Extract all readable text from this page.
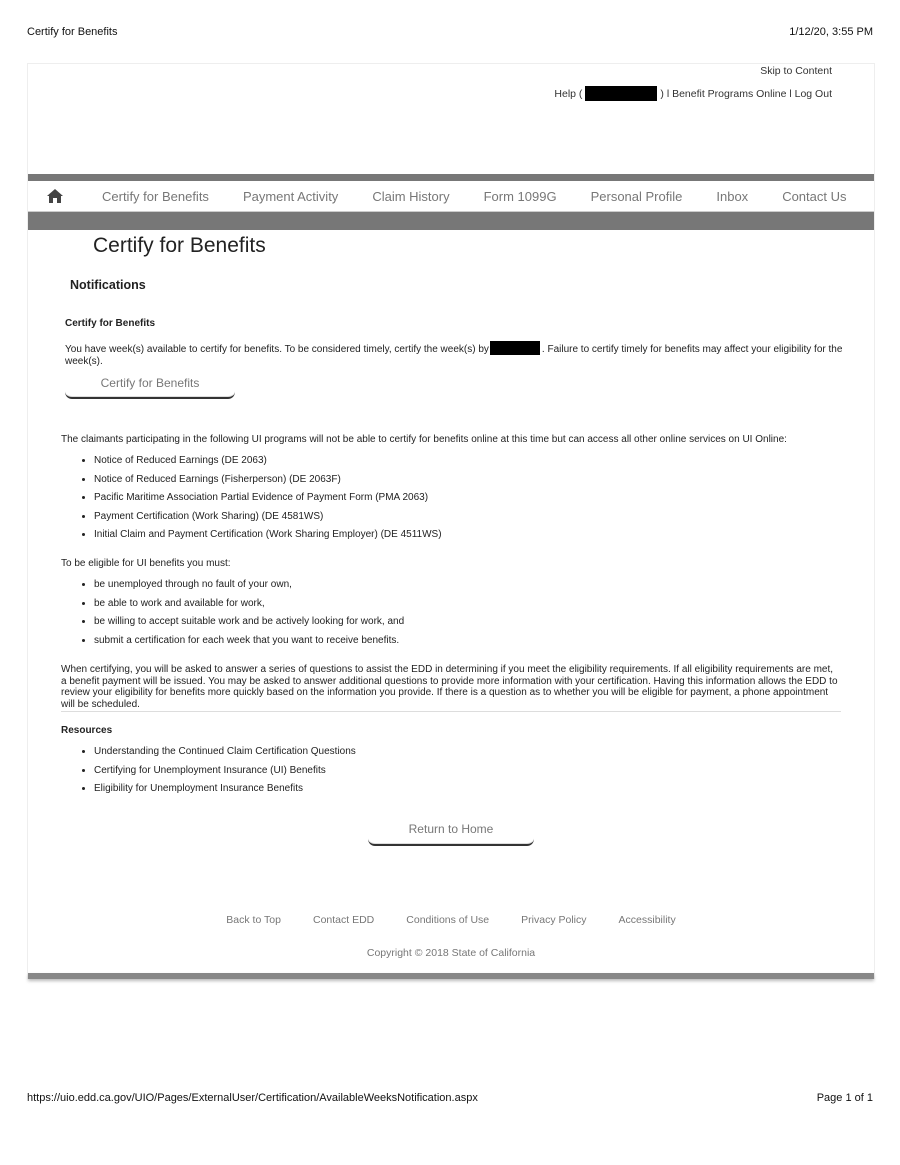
Certify for Benefits	1/12/20, 3:55 PM
Skip to Content
Help (	) l Benefit Programs Online l Log Out
Certify for Benefits	Payment Activity	Claim History	Form 1099G	Personal Profile	Inbox	Contact Us
Certify for Benefits
Notifications
Certify for Benefits
You have week(s) available to certify for benefits. To be considered timely, certify the week(s) by	. Failure to certify timely for benefits may affect your eligibility for the week(s).
Certify for Benefits
The claimants participating in the following UI programs will not be able to certify for benefits online at this time but can access all other online services on UI Online:
• Notice of Reduced Earnings (DE 2063)
• Notice of Reduced Earnings (Fisherperson) (DE 2063F)
• Pacific Maritime Association Partial Evidence of Payment Form (PMA 2063)
• Payment Certification (Work Sharing) (DE 4581WS)
• Initial Claim and Payment Certification (Work Sharing Employer) (DE 4511WS)
To be eligible for UI benefits you must:
• be unemployed through no fault of your own,
• be able to work and available for work,
• be willing to accept suitable work and be actively looking for work, and
• submit a certification for each week that you want to receive benefits.
When certifying, you will be asked to answer a series of questions to assist the EDD in determining if you meet the eligibility requirements. If all eligibility requirements are met, a benefit payment will be issued. You may be asked to answer additional questions to provide more information with your certification. Having this information allows the EDD to review your eligibility for benefits more quickly based on the information you provide. If there is a question as to whether you will be eligible for payment, a phone appointment will be scheduled.
Resources
• Understanding the Continued Claim Certification Questions
• Certifying for Unemployment Insurance (UI) Benefits
• Eligibility for Unemployment Insurance Benefits
Return to Home
Back to Top	Contact EDD	Conditions of Use	Privacy Policy	Accessibility
Copyright © 2018 State of California
https://uio.edd.ca.gov/UIO/Pages/ExternalUser/Certification/AvailableWeeksNotification.aspx	Page 1 of 1
